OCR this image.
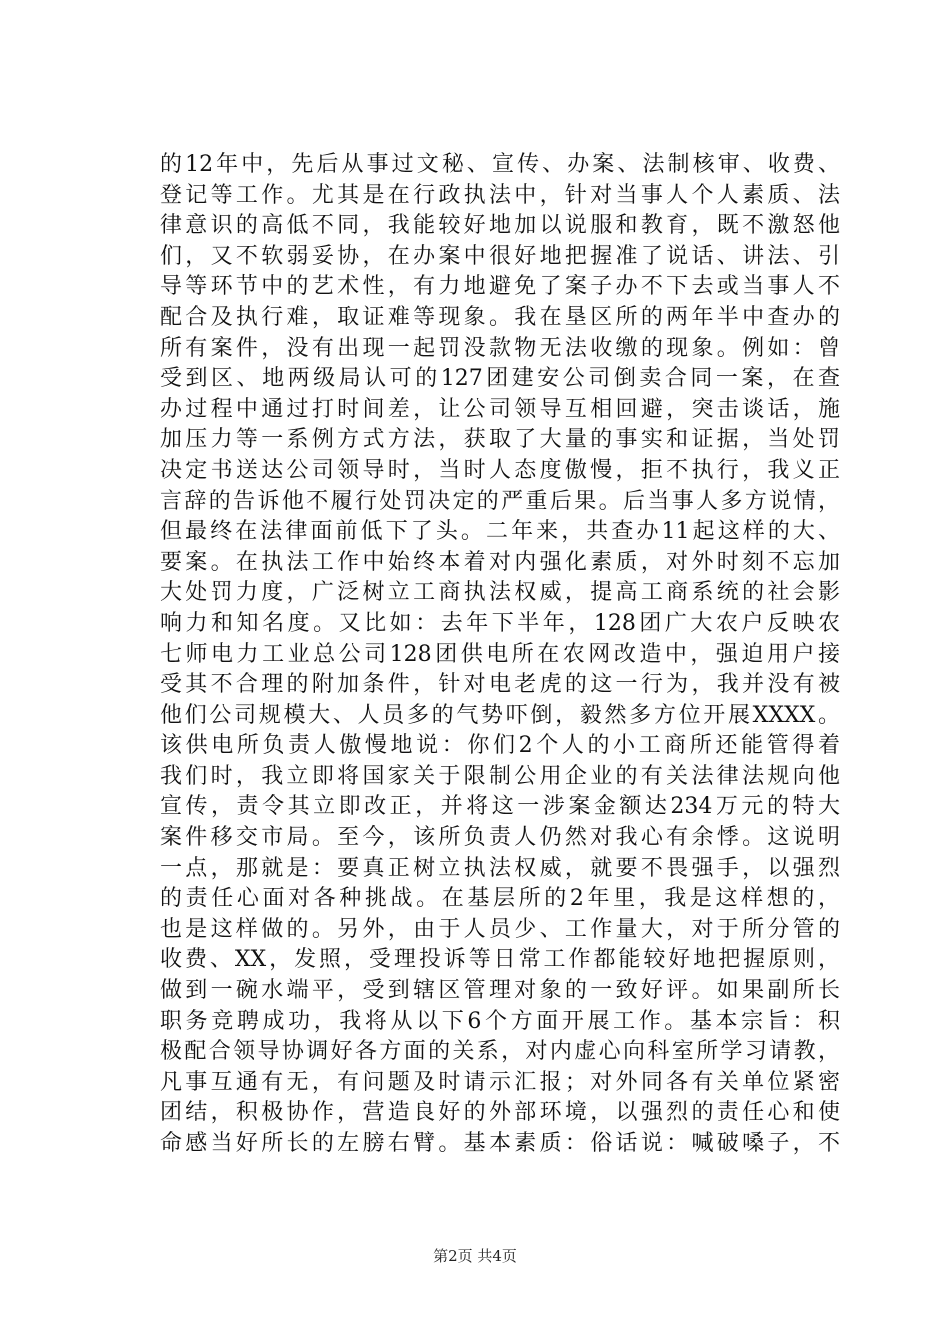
的12年中，先后从事过文秘、宣传、办案、法制核审、收费、
登记等工作。尤其是在行政执法中，针对当事人个人素质、法
律意识的高低不同，我能较好地加以说服和教育，既不激怒他
们，又不软弱妥协，在办案中很好地把握准了说话、讲法、引
导等环节中的艺术性，有力地避免了案子办不下去或当事人不
配合及执行难，取证难等现象。我在垦区所的两年半中查办的
所有案件，没有出现一起罚没款物无法收缴的现象。例如：曾
受到区、地两级局认可的127团建安公司倒卖合同一案，在查
办过程中通过打时间差，让公司领导互相回避，突击谈话，施
加压力等一系例方式方法，获取了大量的事实和证据，当处罚
决定书送达公司领导时，当时人态度傲慢，拒不执行，我义正
言辞的告诉他不履行处罚决定的严重后果。后当事人多方说情，
但最终在法律面前低下了头。二年来，共查办11起这样的大、
要案。在执法工作中始终本着对内强化素质，对外时刻不忘加
大处罚力度，广泛树立工商执法权威，提高工商系统的社会影
响力和知名度。又比如：去年下半年，128团广大农户反映农
七师电力工业总公司128团供电所在农网改造中，强迫用户接
受其不合理的附加条件，针对电老虎的这一行为，我并没有被
他们公司规模大、人员多的气势吓倒，毅然多方位开展XXXX。
该供电所负责人傲慢地说：你们2个人的小工商所还能管得着
我们时，我立即将国家关于限制公用企业的有关法律法规向他
宣传，责令其立即改正，并将这一涉案金额达234万元的特大
案件移交市局。至今，该所负责人仍然对我心有余悸。这说明
一点，那就是：要真正树立执法权威，就要不畏强手，以强烈
的责任心面对各种挑战。在基层所的2年里，我是这样想的，
也是这样做的。另外，由于人员少、工作量大，对于所分管的
收费、XX，发照，受理投诉等日常工作都能较好地把握原则，
做到一碗水端平，受到辖区管理对象的一致好评。如果副所长
职务竞聘成功，我将从以下6个方面开展工作。基本宗旨：积
极配合领导协调好各方面的关系，对内虚心向科室所学习请教，
凡事互通有无，有问题及时请示汇报；对外同各有关单位紧密
团结，积极协作，营造良好的外部环境，以强烈的责任心和使
命感当好所长的左膀右臂。基本素质：俗话说：喊破嗓子，不
第2页 共4页
